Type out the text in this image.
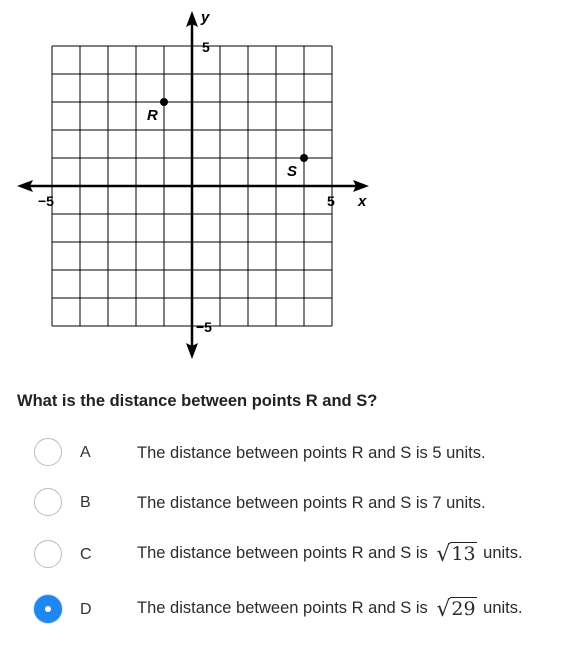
y
x
−5	5
5
−5
R
S
What is the distance between points R and S?
A	The distance between points R and S is 5 units.
B	The distance between points R and S is 7 units.
C	The distance between points R and S is √13 units.
D	The distance between points R and S is √29 units.
